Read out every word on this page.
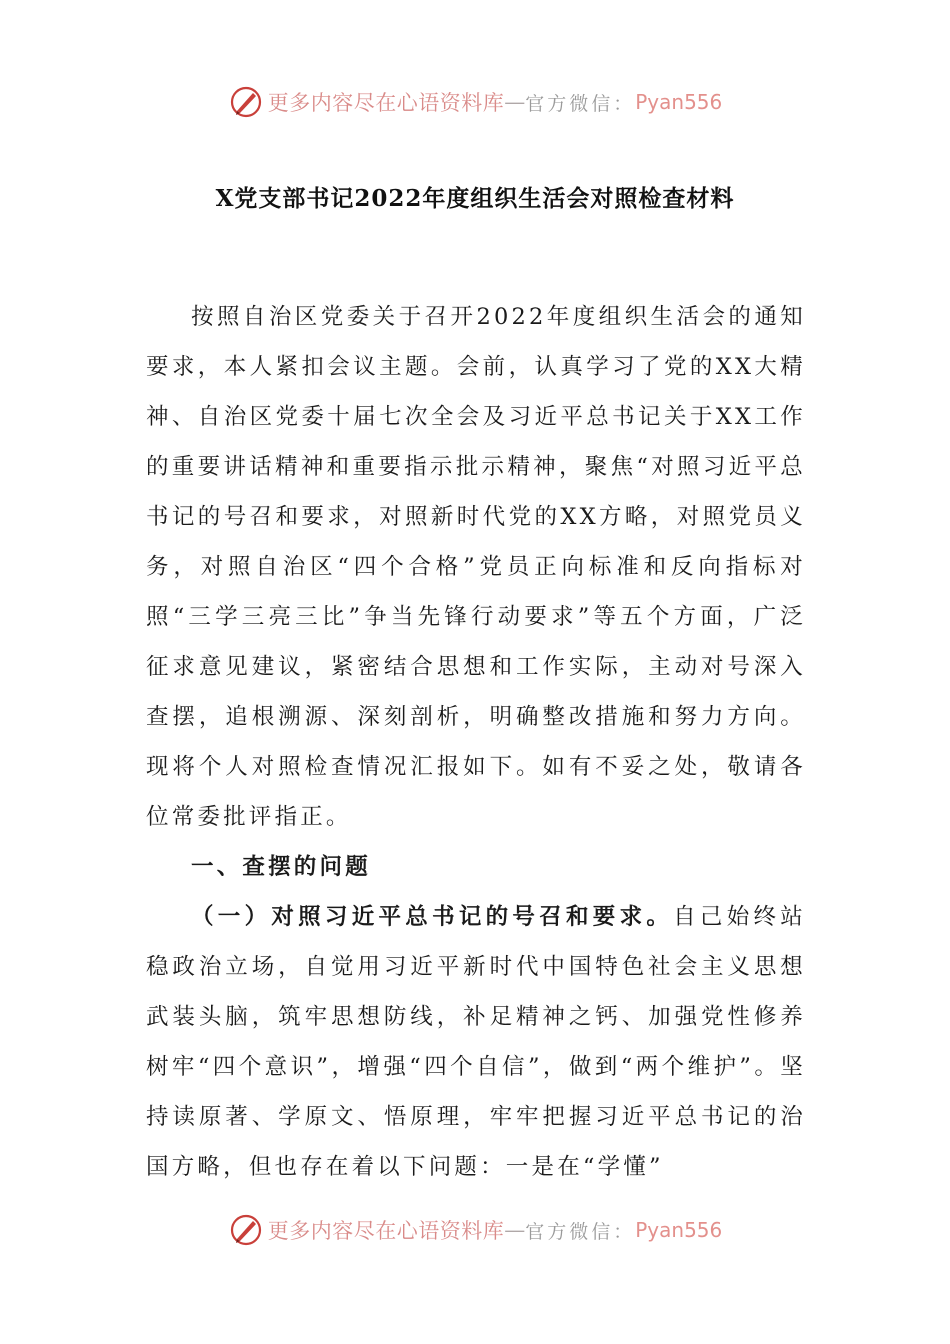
更多内容尽在心语资料库 — 官方微信： Pyan556
X党支部书记2022年度组织生活会对照检查材料

按照自治区党委关于召开2022年度组织生活会的通知要求，本人紧扣会议主题。会前，认真学习了党的XX大精神、自治区党委十届七次全会及习近平总书记关于XX工作的重要讲话精神和重要指示批示精神，聚焦“对照习近平总书记的号召和要求，对照新时代党的XX方略，对照党员义务，对照自治区“四个合格”党员正向标准和反向指标对照“三学三亮三比”争当先锋行动要求”等五个方面，广泛征求意见建议，紧密结合思想和工作实际，主动对号深入查摆，追根溯源、深刻剖析，明确整改措施和努力方向。现将个人对照检查情况汇报如下。如有不妥之处，敬请各位常委批评指正。

一、查摆的问题

（一）对照习近平总书记的号召和要求。自己始终站稳政治立场，自觉用习近平新时代中国特色社会主义思想武装头脑，筑牢思想防线，补足精神之钙、加强党性修养树牢“四个意识”，增强“四个自信”，做到“两个维护”。坚持读原著、学原文、悟原理，牢牢把握习近平总书记的治国方略，但也存在着以下问题：一是在“学懂”

更多内容尽在心语资料库 — 官方微信： Pyan556
